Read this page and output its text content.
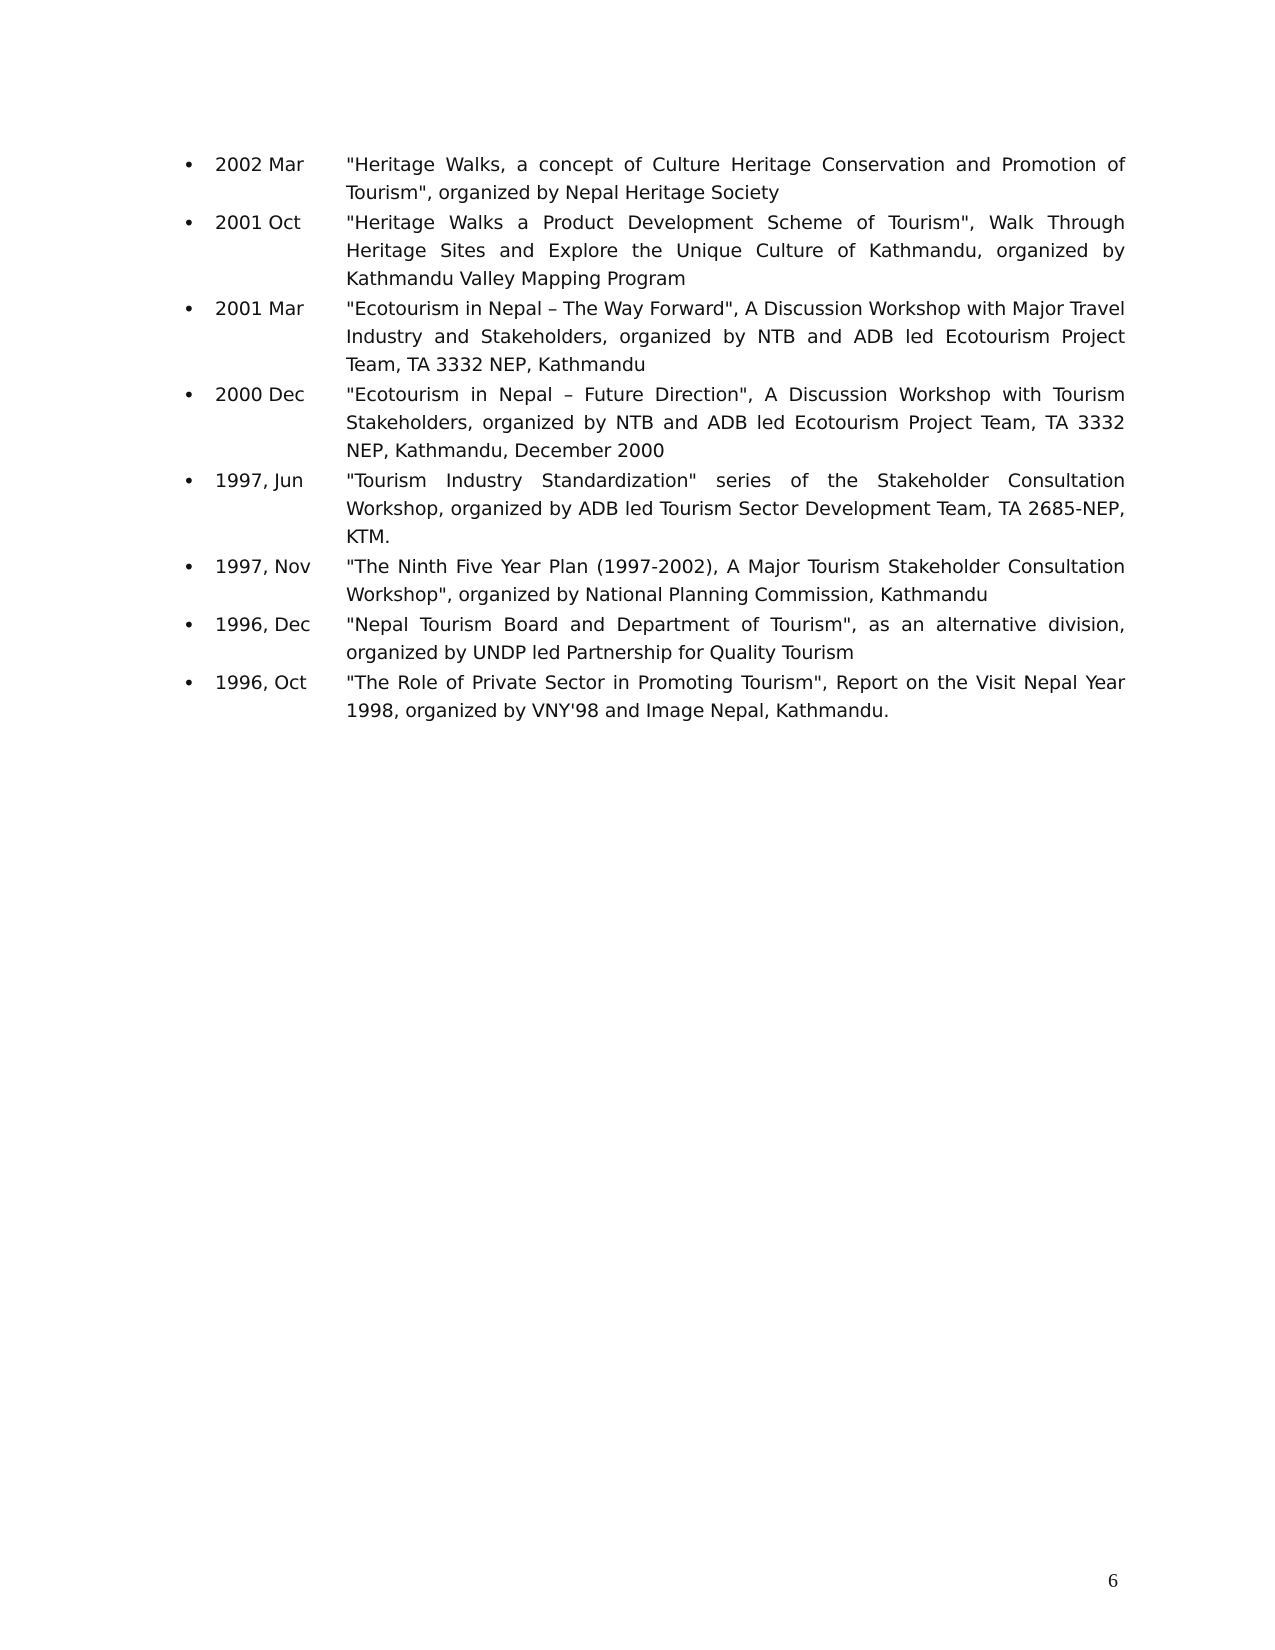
•	2002 Mar	"Heritage Walks, a concept of Culture Heritage Conservation and Promotion of Tourism", organized by Nepal Heritage Society
•	2001 Oct	"Heritage Walks a Product Development Scheme of Tourism", Walk Through Heritage Sites and Explore the Unique Culture of Kathmandu, organized by Kathmandu Valley Mapping Program
•	2001 Mar	"Ecotourism in Nepal – The Way Forward", A Discussion Workshop with Major Travel Industry and Stakeholders, organized by NTB and ADB led Ecotourism Project Team, TA 3332 NEP, Kathmandu
•	2000 Dec	"Ecotourism in Nepal – Future Direction", A Discussion Workshop with Tourism Stakeholders, organized by NTB and ADB led Ecotourism Project Team, TA 3332 NEP, Kathmandu, December 2000
•	1997, Jun	"Tourism Industry Standardization" series of the Stakeholder Consultation Workshop, organized by ADB led Tourism Sector Development Team, TA 2685-NEP, KTM.
•	1997, Nov	"The Ninth Five Year Plan (1997-2002), A Major Tourism Stakeholder Consultation Workshop", organized by National Planning Commission, Kathmandu
•	1996, Dec	"Nepal Tourism Board and Department of Tourism", as an alternative division, organized by UNDP led Partnership for Quality Tourism
•	1996, Oct	"The Role of Private Sector in Promoting Tourism", Report on the Visit Nepal Year 1998, organized by VNY'98 and Image Nepal, Kathmandu.
6
